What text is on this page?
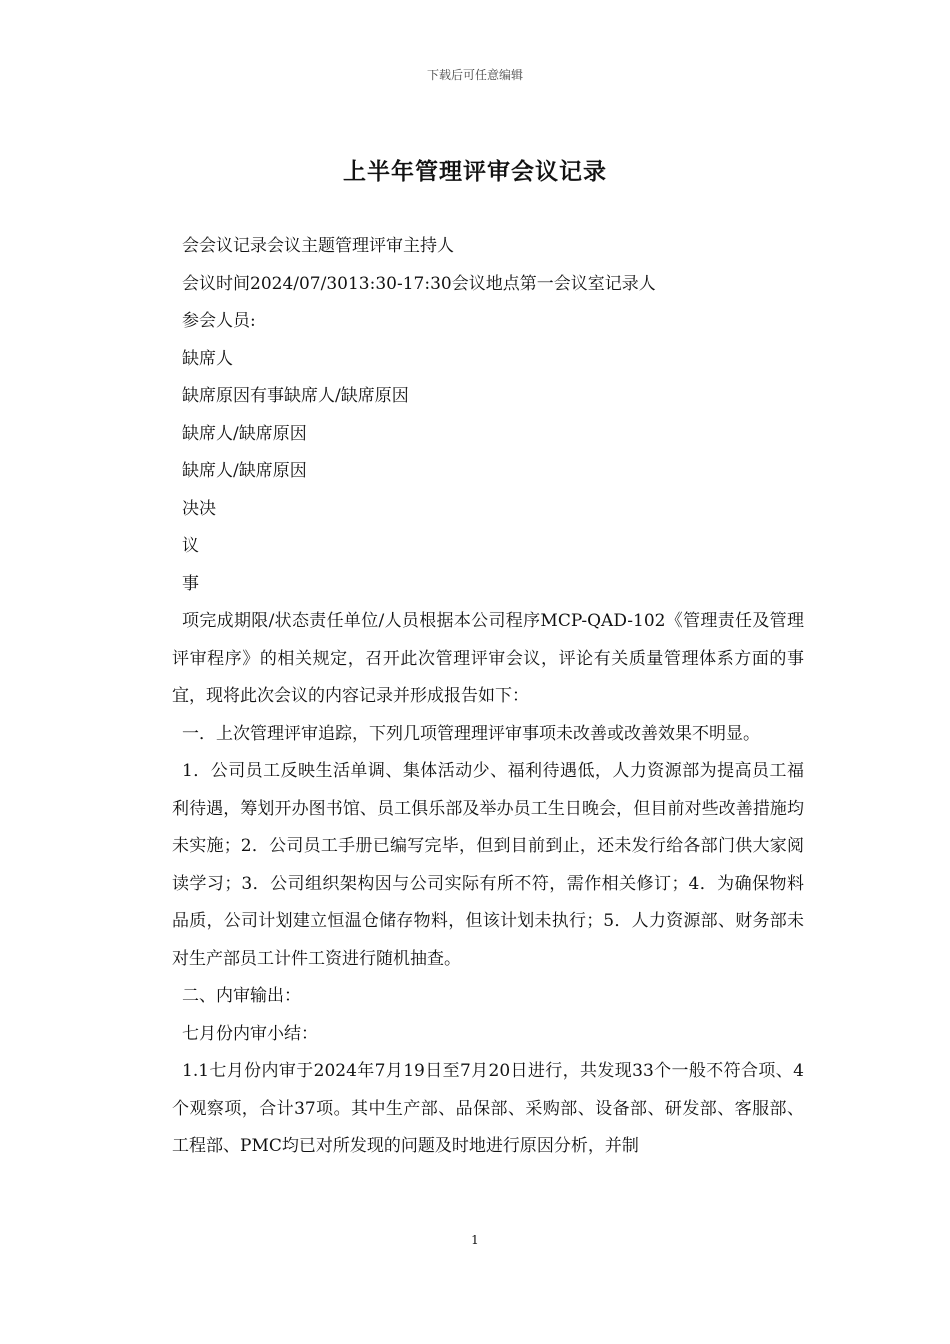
下载后可任意编辑
上半年管理评审会议记录
会会议记录会议主题管理评审主持人
会议时间2024/07/3013:30-17:30会议地点第一会议室记录人
参会人员:
缺席人
缺席原因有事缺席人/缺席原因
缺席人/缺席原因
缺席人/缺席原因
决决
议
事
项完成期限/状态责任单位/人员根据本公司程序MCP-QAD-102《管理责任及管理评审程序》的相关规定，召开此次管理评审会议，评论有关质量管理体系方面的事宜，现将此次会议的内容记录并形成报告如下：
一．上次管理评审追踪，下列几项管理理评审事项未改善或改善效果不明显。
1．公司员工反映生活单调、集体活动少、福利待遇低，人力资源部为提高员工福利待遇，筹划开办图书馆、员工俱乐部及举办员工生日晚会，但目前对些改善措施均未实施；2．公司员工手册已编写完毕，但到目前到止，还未发行给各部门供大家阅读学习；3．公司组织架构因与公司实际有所不符，需作相关修订；4．为确保物料品质，公司计划建立恒温仓储存物料，但该计划未执行；5．人力资源部、财务部未对生产部员工计件工资进行随机抽查。
二、内审输出：
七月份内审小结：
1.1七月份内审于2024年7月19日至7月20日进行，共发现33个一般不符合项、4个观察项，合计37项。其中生产部、品保部、采购部、设备部、研发部、客服部、工程部、PMC均已对所发现的问题及时地进行原因分析，并制
1
